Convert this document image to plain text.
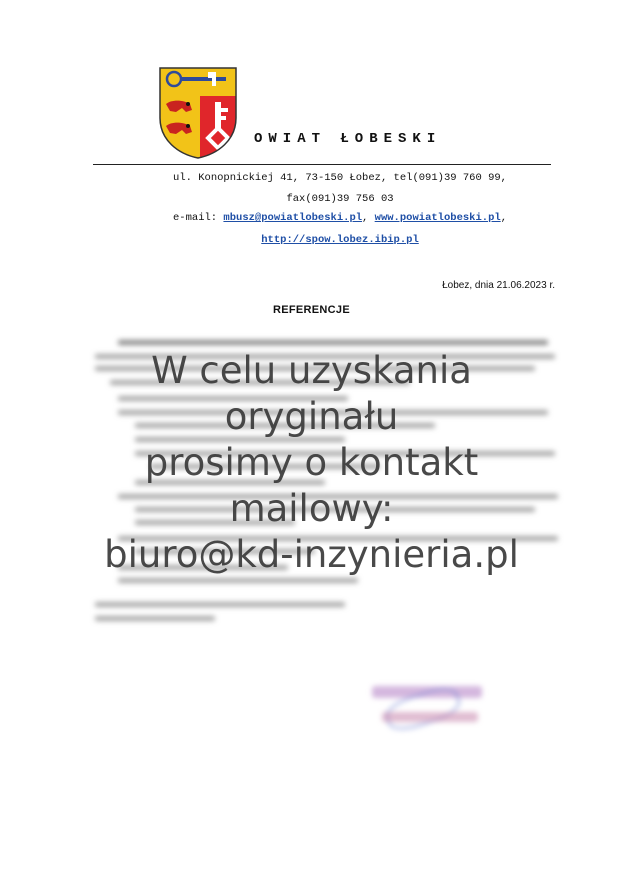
OWIAT ŁOBESKI
ul. Konopnickiej 41, 73-150 Łobez, tel(091)39 760 99,
fax(091)39 756 03
e-mail: mbusz@powiatlobeski.pl, www.powiatlobeski.pl,
http://spow.lobez.ibip.pl
Łobez, dnia 21.06.2023 r.
REFERENCJE
W celu uzyskania
oryginału
prosimy o kontakt
mailowy:
biuro@kd-inzynieria.pl
